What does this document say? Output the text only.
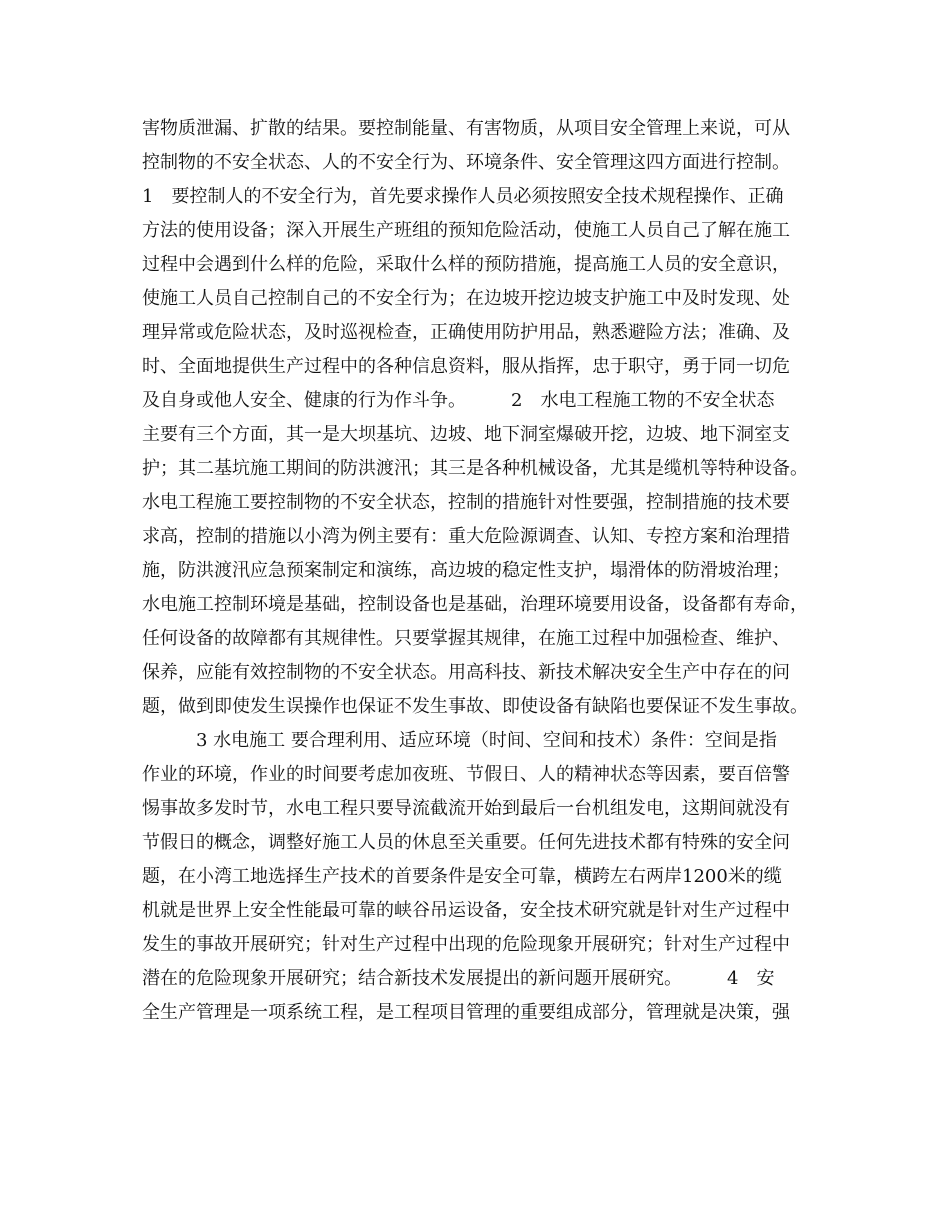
害物质泄漏、扩散的结果。要控制能量、有害物质，从项目安全管理上来说，可从
控制物的不安全状态、人的不安全行为、环境条件、安全管理这四方面进行控制。
1　要控制人的不安全行为，首先要求操作人员必须按照安全技术规程操作、正确
方法的使用设备；深入开展生产班组的预知危险活动，使施工人员自己了解在施工
过程中会遇到什么样的危险，采取什么样的预防措施，提高施工人员的安全意识，
使施工人员自己控制自己的不安全行为；在边坡开挖边坡支护施工中及时发现、处
理异常或危险状态，及时巡视检查，正确使用防护用品，熟悉避险方法；准确、及
时、全面地提供生产过程中的各种信息资料，服从指挥，忠于职守，勇于同一切危
及自身或他人安全、健康的行为作斗争。　　　2　水电工程施工物的不安全状态
主要有三个方面，其一是大坝基坑、边坡、地下洞室爆破开挖，边坡、地下洞室支
护；其二基坑施工期间的防洪渡汛；其三是各种机械设备，尤其是缆机等特种设备。
水电工程施工要控制物的不安全状态，控制的措施针对性要强，控制措施的技术要
求高，控制的措施以小湾为例主要有：重大危险源调查、认知、专控方案和治理措
施，防洪渡汛应急预案制定和演练，高边坡的稳定性支护，塌滑体的防滑坡治理；
水电施工控制环境是基础，控制设备也是基础，治理环境要用设备，设备都有寿命，
任何设备的故障都有其规律性。只要掌握其规律，在施工过程中加强检查、维护、
保养，应能有效控制物的不安全状态。用高科技、新技术解决安全生产中存在的问
题，做到即使发生误操作也保证不发生事故、即使设备有缺陷也要保证不发生事故。
　　　3 水电施工 要合理利用、适应环境（时间、空间和技术）条件：空间是指
作业的环境，作业的时间要考虑加夜班、节假日、人的精神状态等因素，要百倍警
惕事故多发时节，水电工程只要导流截流开始到最后一台机组发电，这期间就没有
节假日的概念，调整好施工人员的休息至关重要。任何先进技术都有特殊的安全问
题，在小湾工地选择生产技术的首要条件是安全可靠，横跨左右两岸1200米的缆
机就是世界上安全性能最可靠的峡谷吊运设备，安全技术研究就是针对生产过程中
发生的事故开展研究；针对生产过程中出现的危险现象开展研究；针对生产过程中
潜在的危险现象开展研究；结合新技术发展提出的新问题开展研究。　　　4　安
全生产管理是一项系统工程，是工程项目管理的重要组成部分，管理就是决策，强
